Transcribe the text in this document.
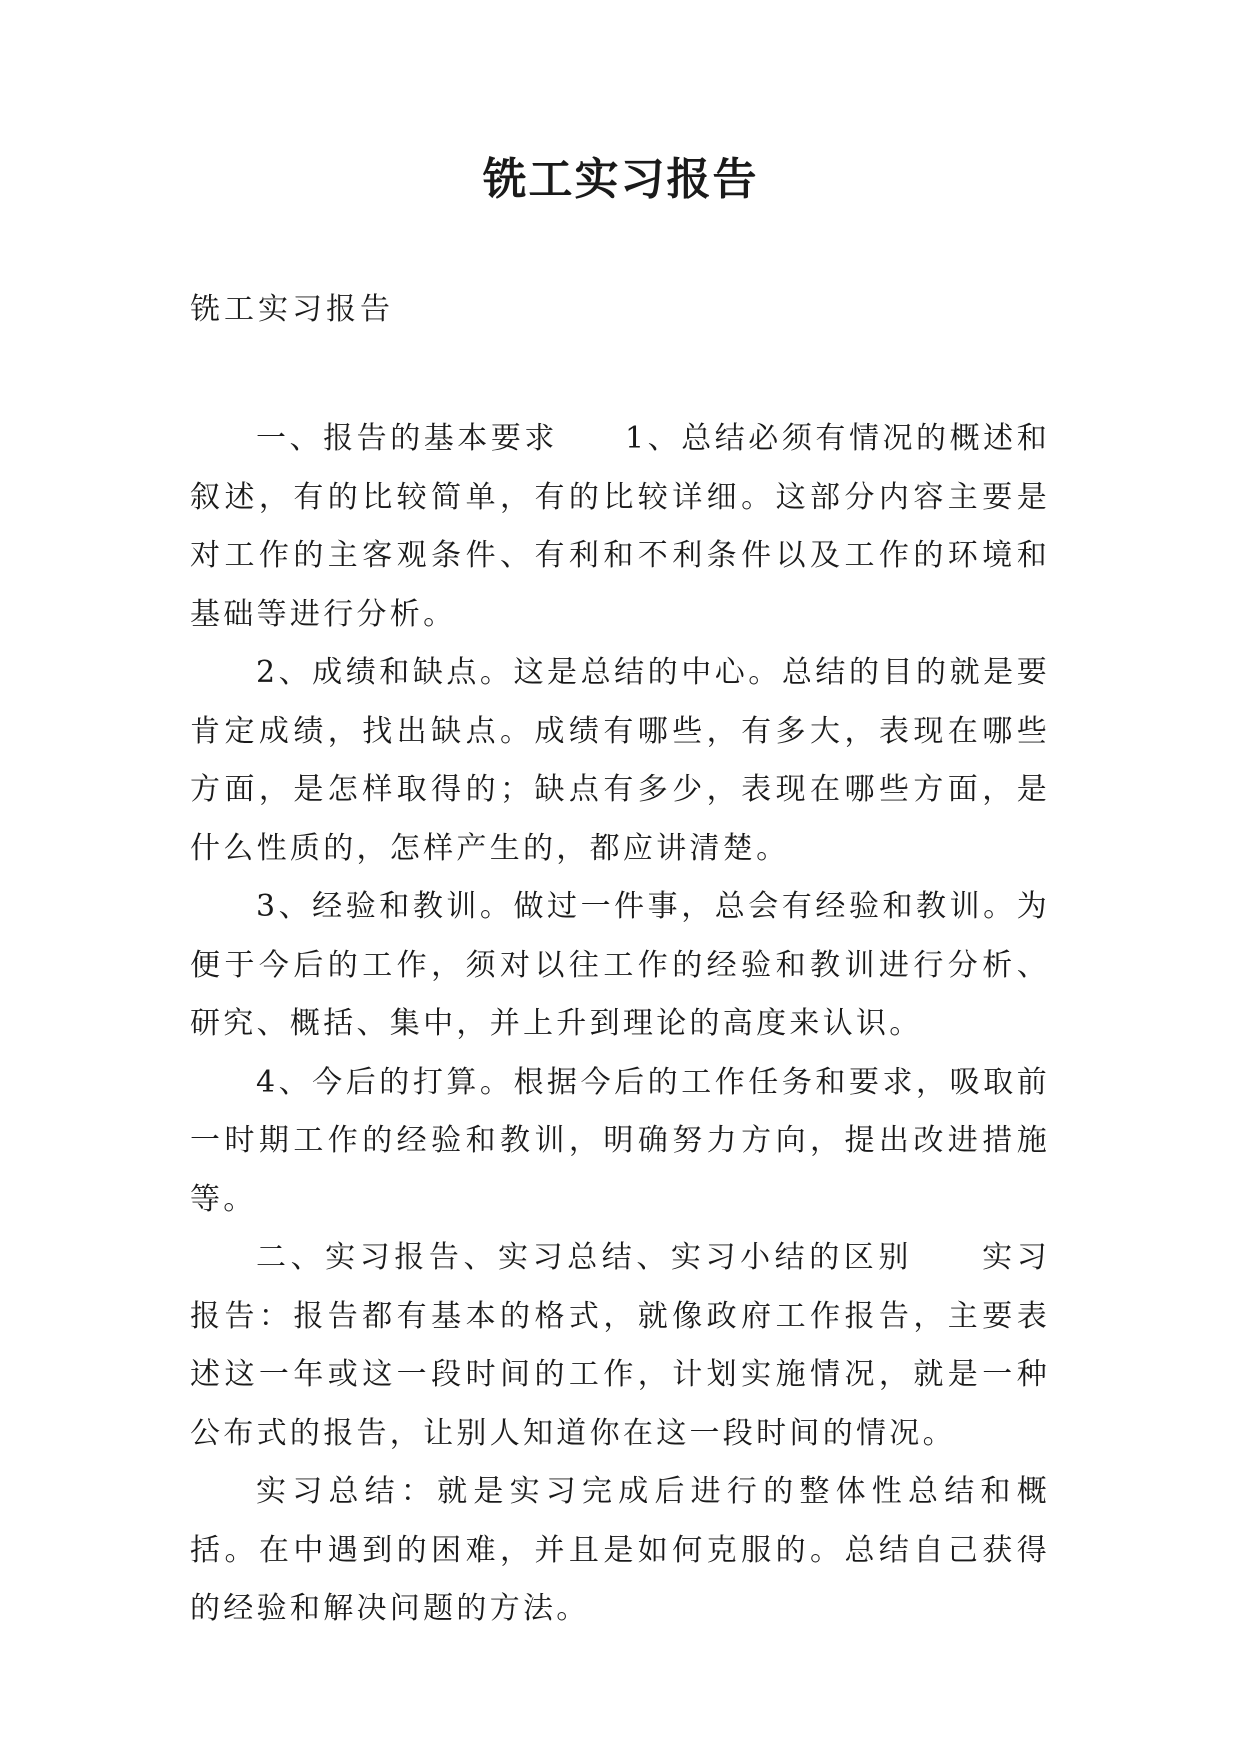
铣工实习报告

铣工实习报告

一、报告的基本要求　　1、总结必须有情况的概述和叙述，有的比较简单，有的比较详细。这部分内容主要是对工作的主客观条件、有利和不利条件以及工作的环境和基础等进行分析。

2、成绩和缺点。这是总结的中心。总结的目的就是要肯定成绩，找出缺点。成绩有哪些，有多大，表现在哪些方面，是怎样取得的；缺点有多少，表现在哪些方面，是什么性质的，怎样产生的，都应讲清楚。

3、经验和教训。做过一件事，总会有经验和教训。为便于今后的工作，须对以往工作的经验和教训进行分析、研究、概括、集中，并上升到理论的高度来认识。

4、今后的打算。根据今后的工作任务和要求，吸取前一时期工作的经验和教训，明确努力方向，提出改进措施等。

二、实习报告、实习总结、实习小结的区别　　实习报告：报告都有基本的格式，就像政府工作报告，主要表述这一年或这一段时间的工作，计划实施情况，就是一种公布式的报告，让别人知道你在这一段时间的情况。

实习总结：就是实习完成后进行的整体性总结和概括。在中遇到的困难，并且是如何克服的。总结自己获得的经验和解决问题的方法。
